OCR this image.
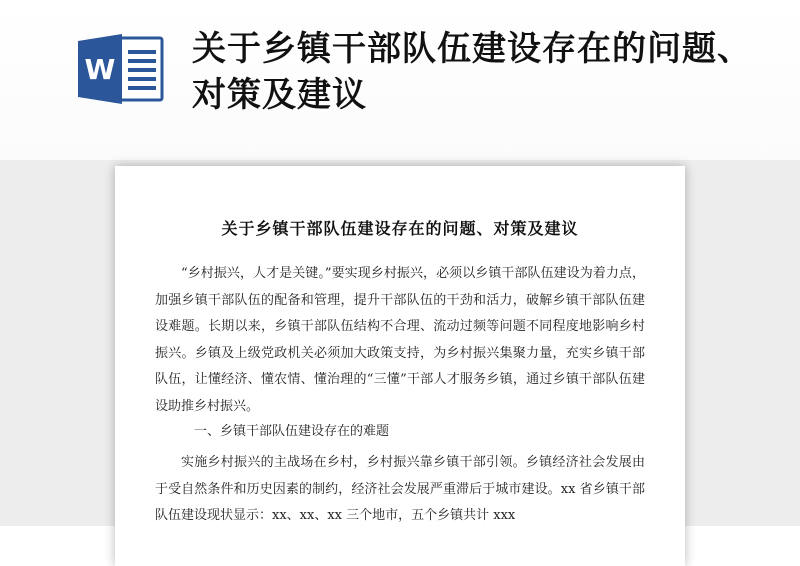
W
关于乡镇干部队伍建设存在的问题、对策及建议
关于乡镇干部队伍建设存在的问题、对策及建议

“乡村振兴，人才是关键。”要实现乡村振兴，必须以乡镇干部队伍建设为着力点，加强乡镇干部队伍的配备和管理，提升干部队伍的干劲和活力，破解乡镇干部队伍建设难题。长期以来，乡镇干部队伍结构不合理、流动过频等问题不同程度地影响乡村振兴。乡镇及上级党政机关必须加大政策支持，为乡村振兴集聚力量，充实乡镇干部队伍，让懂经济、懂农情、懂治理的“三懂”干部人才服务乡镇，通过乡镇干部队伍建设助推乡村振兴。

一、乡镇干部队伍建设存在的难题

实施乡村振兴的主战场在乡村，乡村振兴靠乡镇干部引领。乡镇经济社会发展由于受自然条件和历史因素的制约，经济社会发展严重滞后于城市建设。xx 省乡镇干部队伍建设现状显示：xx、xx、xx 三个地市，五个乡镇共计 xxx
